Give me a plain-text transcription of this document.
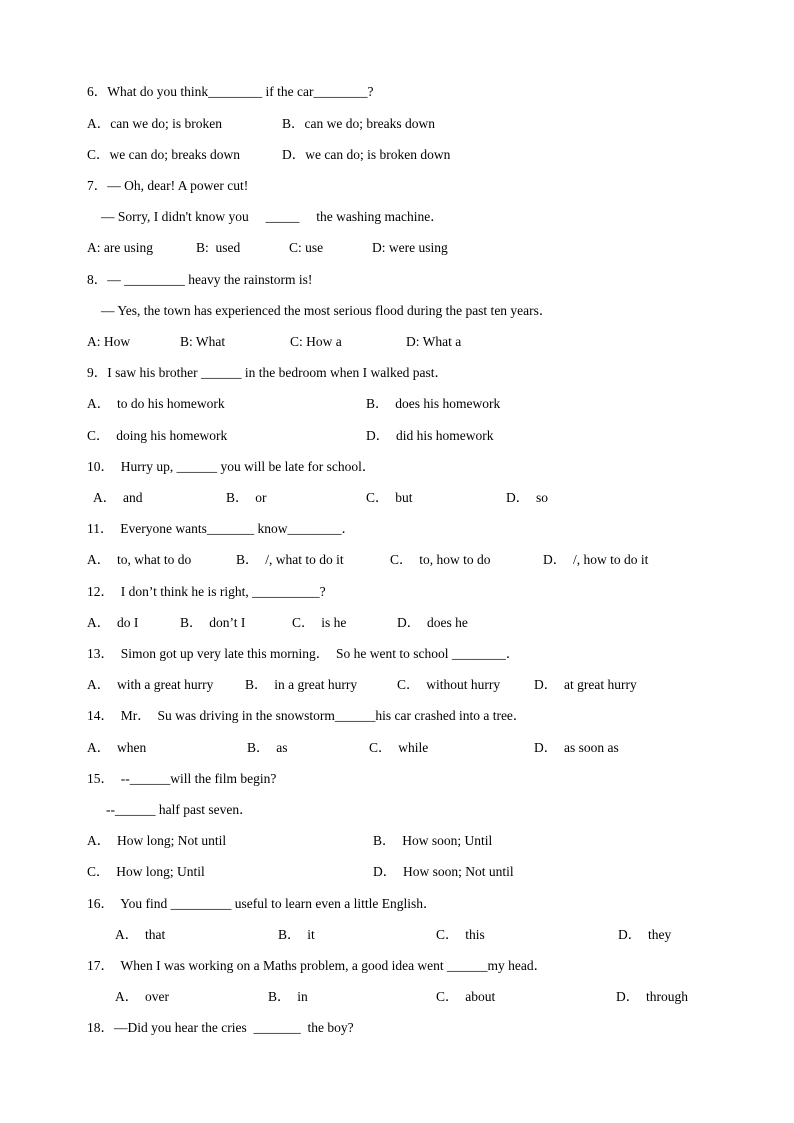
6．What do you think________ if the car________?
A．can we do; is broken	B．can we do; breaks down
C．we can do; breaks down	D．we can do; is broken down
7．— Oh, dear! A power cut!
— Sorry, I didn't know you     _____     the washing machine．
A: are using	B:  used	C: use	D: were using
8．— _________ heavy the rainstorm is!
— Yes, the town has experienced the most serious flood during the past ten years．
A: How	B: What	C: How a	D: What a
9．I saw his brother ______ in the bedroom when I walked past．
A．  to do his homework	B．  does his homework
C．  doing his homework	D．  did his homework
10．  Hurry up, ______ you will be late for school．
A．  and	B．  or	C．  but	D．  so
11．  Everyone wants_______ know________．
A．  to, what to do	B．  /, what to do it	C．  to, how to do	D．  /, how to do it
12．  I don’t think he is right, __________?
A．  do I	B．  don’t I	C．  is he	D．  does he
13．  Simon got up very late this morning．  So he went to school ________．
A．  with a great hurry B．  in a great hurry	C．  without hurry	D．  at great hurry
14．  Mr．  Su was driving in the snowstorm______his car crashed into a tree．
A．  when	B．  as	C．  while	D．  as soon as
15．  --______will the film begin?
--______ half past seven．
A．  How long; Not until	B．  How soon; Until
C．  How long; Until	D．  How soon; Not until
16．  You find _________ useful to learn even a little English．
A．  that	B．  it	C．  this	D．  they
17．  When I was working on a Maths problem, a good idea went ______my head．
A．  over	B．  in	C．  about	D．  through
18．—Did you hear the cries  _______  the boy?
